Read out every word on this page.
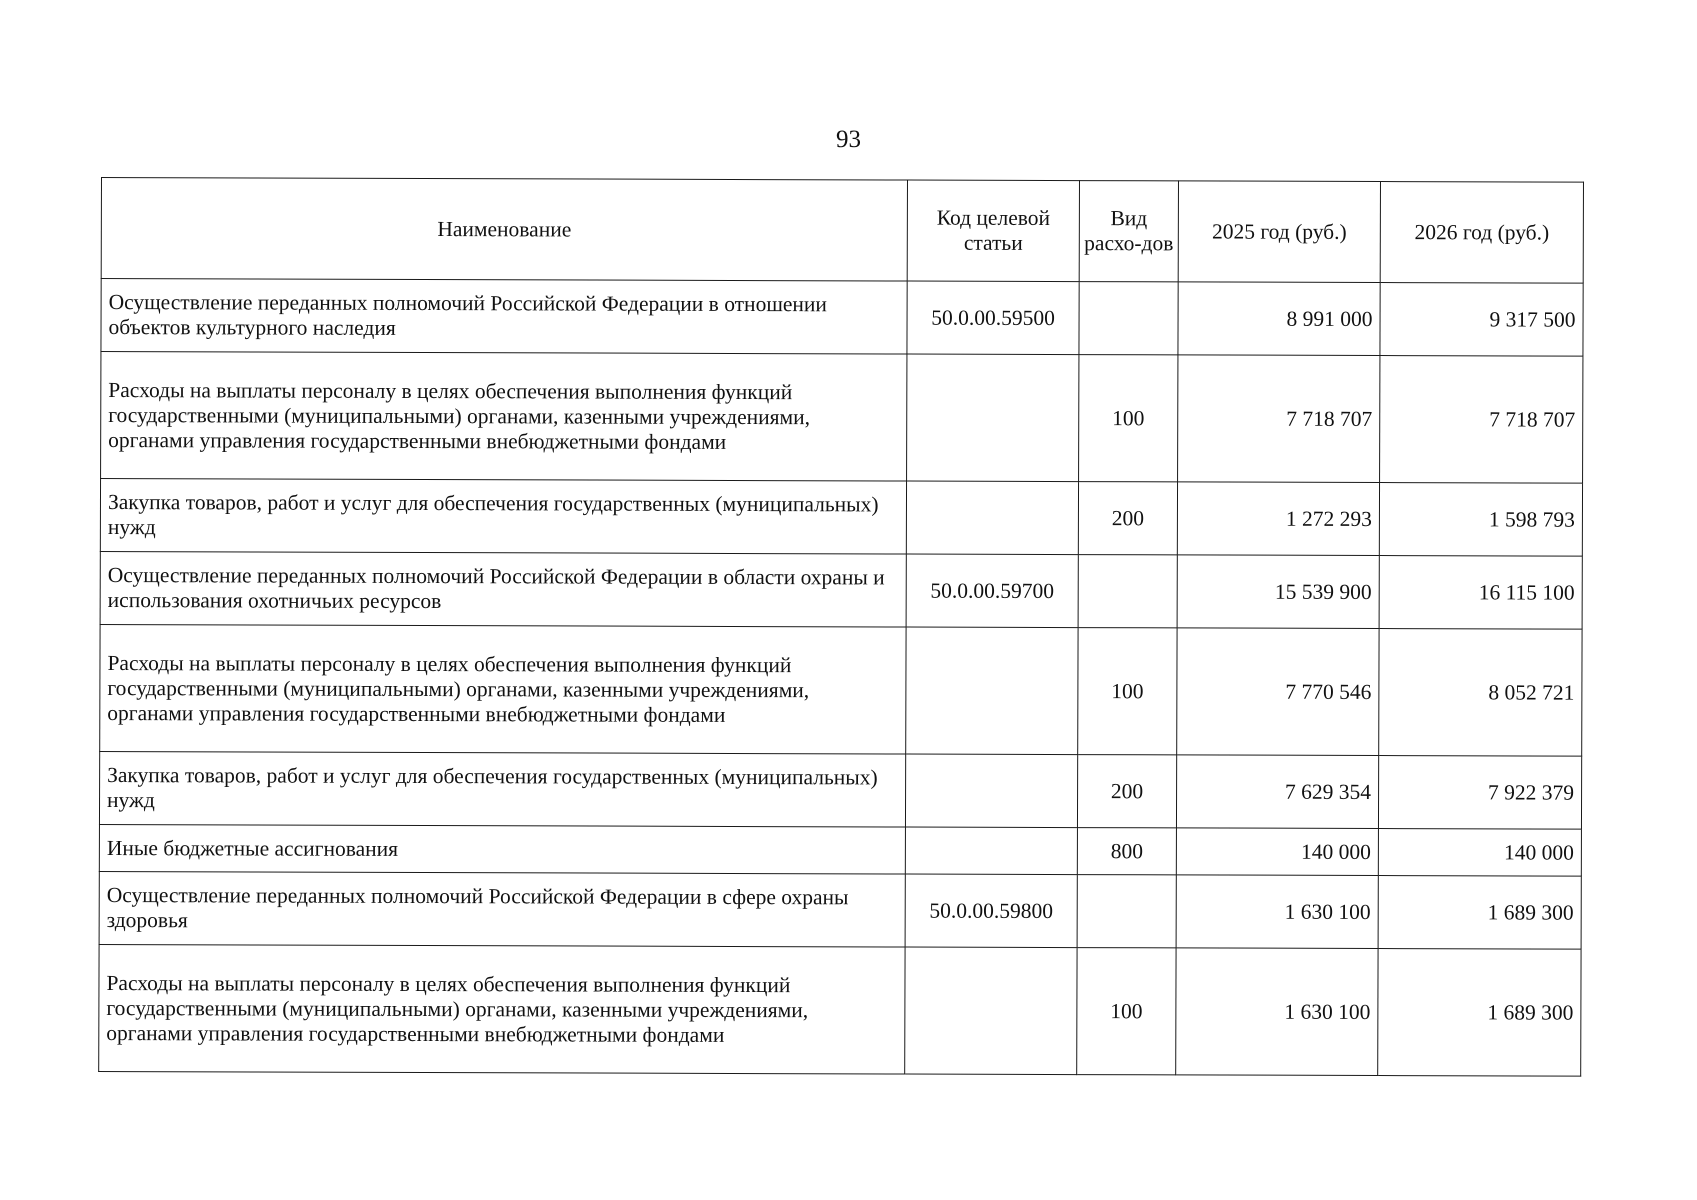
93
Наименование	Код целевой статьи	Вид расхо-дов	2025 год (руб.)	2026 год (руб.)
Осуществление переданных полномочий Российской Федерации в отношении объектов культурного наследия	50.0.00.59500		8 991 000	9 317 500
Расходы на выплаты персоналу в целях обеспечения выполнения функций государственными (муниципальными) органами, казенными учреждениями, органами управления государственными внебюджетными фондами		100	7 718 707	7 718 707
Закупка товаров, работ и услуг для обеспечения государственных (муниципальных) нужд		200	1 272 293	1 598 793
Осуществление переданных полномочий Российской Федерации в области охраны и использования охотничьих ресурсов	50.0.00.59700		15 539 900	16 115 100
Расходы на выплаты персоналу в целях обеспечения выполнения функций государственными (муниципальными) органами, казенными учреждениями, органами управления государственными внебюджетными фондами		100	7 770 546	8 052 721
Закупка товаров, работ и услуг для обеспечения государственных (муниципальных) нужд		200	7 629 354	7 922 379
Иные бюджетные ассигнования		800	140 000	140 000
Осуществление переданных полномочий Российской Федерации в сфере охраны здоровья	50.0.00.59800		1 630 100	1 689 300
Расходы на выплаты персоналу в целях обеспечения выполнения функций государственными (муниципальными) органами, казенными учреждениями, органами управления государственными внебюджетными фондами		100	1 630 100	1 689 300
